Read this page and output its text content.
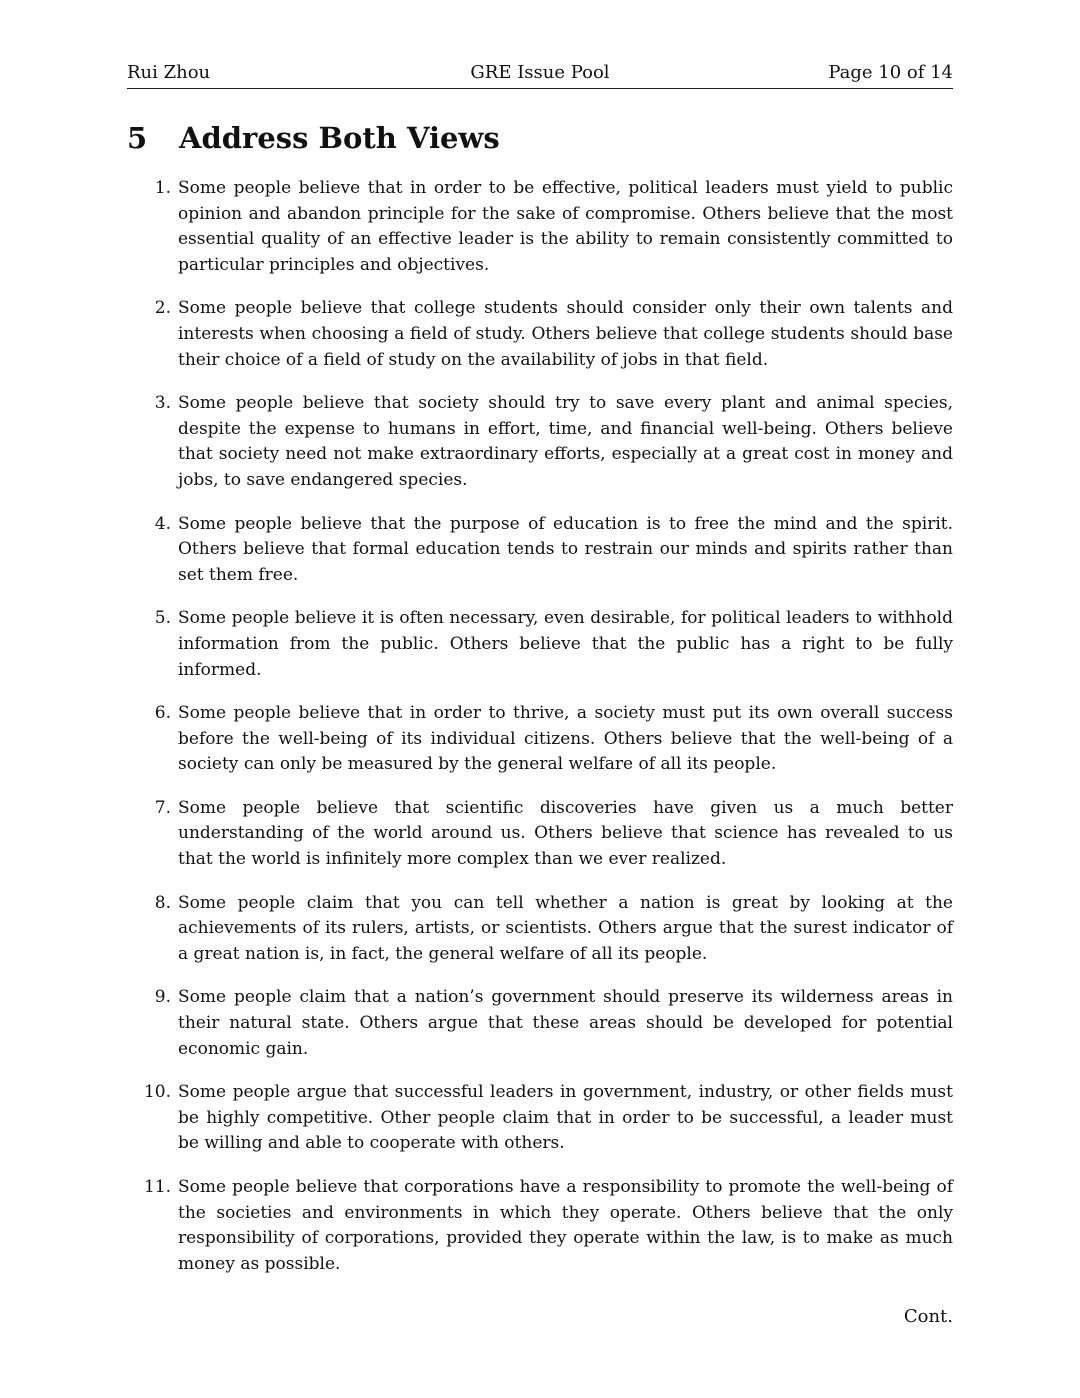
Rui Zhou	GRE Issue Pool	Page 10 of 14
5 Address Both Views
1. Some people believe that in order to be effective, political leaders must yield to public opinion and abandon principle for the sake of compromise. Others believe that the most essential quality of an effective leader is the ability to remain consistently committed to particular principles and objectives.
2. Some people believe that college students should consider only their own talents and interests when choosing a field of study. Others believe that college students should base their choice of a field of study on the availability of jobs in that field.
3. Some people believe that society should try to save every plant and animal species, despite the expense to humans in effort, time, and financial well-being. Others believe that society need not make extraordinary efforts, especially at a great cost in money and jobs, to save endangered species.
4. Some people believe that the purpose of education is to free the mind and the spirit. Others believe that formal education tends to restrain our minds and spirits rather than set them free.
5. Some people believe it is often necessary, even desirable, for political leaders to withhold information from the public. Others believe that the public has a right to be fully informed.
6. Some people believe that in order to thrive, a society must put its own overall success before the well-being of its individual citizens. Others believe that the well-being of a society can only be measured by the general welfare of all its people.
7. Some people believe that scientific discoveries have given us a much better understanding of the world around us. Others believe that science has revealed to us that the world is infinitely more complex than we ever realized.
8. Some people claim that you can tell whether a nation is great by looking at the achievements of its rulers, artists, or scientists. Others argue that the surest indicator of a great nation is, in fact, the general welfare of all its people.
9. Some people claim that a nation’s government should preserve its wilderness areas in their natural state. Others argue that these areas should be developed for potential economic gain.
10. Some people argue that successful leaders in government, industry, or other fields must be highly competitive. Other people claim that in order to be successful, a leader must be willing and able to cooperate with others.
11. Some people believe that corporations have a responsibility to promote the well-being of the societies and environments in which they operate. Others believe that the only responsibility of corporations, provided they operate within the law, is to make as much money as possible.
Cont.
